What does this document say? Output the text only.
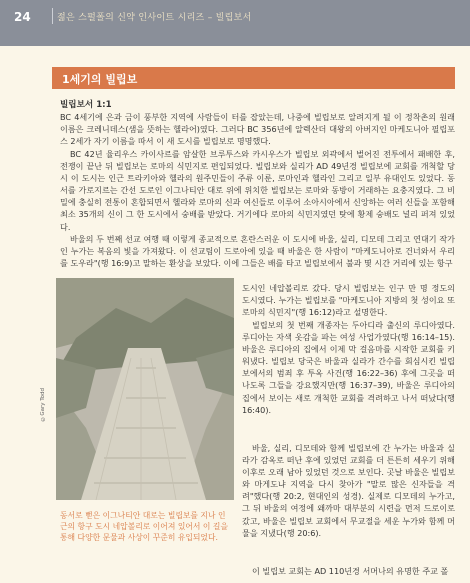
24	젊은 스펄폴의 신약 인사이트 시리즈 – 빌립보서
1세기의 빌립보
빌립보서 1:1
BC 4세기에 은과 금이 풍부한 지역에 사람들이 터를 잡았는데, 나중에 빌립보로 알려지게 될 이 정착촌의 원래 이름은 크레니데스(샘을 뜻하는 헬라어)였다. 그러다 BC 356년에 알렉산더 대왕의 아버지인 마케도니아 필립포스 2세가 자기 이름을 따서 이 새 도시를 빌립보로 명명했다.
BC 42년 율리우스 카이사르를 암살한 브루투스와 카시우스가 빌립보 외곽에서 벌어진 전투에서 패배한 후, 전쟁이 끝난 뒤 빌립보는 로마의 식민지로 편입되었다. 빌립보와 실리가 AD 49년경 빌립보에 교회를 개척할 당시 이 도시는 인근 트라키아와 헬라의 원주민들이 주류 이룬, 로마인과 헬라인 그리고 일부 유대인도 있었다. 동서를 가로지르는 간선 도로인 이그나티안 대로 위에 위치한 빌립보는 로마와 동방이 거래하는 요충지였다. 그 비밀에 충실히 전통이 혼합되면서 헬라와 로마의 신과 여신들로 이루어 소아시아에서 신앙하는 여러 신들을 포함해 최소 35개의 신이 그 한 도시에서 숭배를 받았다. 거기에다 로마의 식민지였던 탓에 황제 숭배도 널리 퍼져 있었다.
바울의 두 번째 선교 여행 때 이렇게 종교적으로 혼란스러운 이 도시에 바울, 실리, 디모데 그리고 연대기 작가인 누가는 복음의 빛을 가져왔다. 이 선교팀이 드로아에 있을 때 바울은 한 사람이 "마케도니아로 건너와서 우리를 도우라"(행 16:9)고 말하는 환상을 보았다. 이에 그들은 배를 타고 빌립보에서 불과 몇 시간 거리에 있는 항구
©Gary Todd
동서로 뻗은 이그나티안 대로는 빌립보를 지나 인근의 항구 도시 네압볼리로 이어져 있어서 이 길을 통해 다양한 문물과 사상이 꾸준히 유입되었다.
도시인 네압볼리로 갔다. 당시 빌립보는 인구 만 명 정도의 도시였다. 누가는 빌립보를 "마케도니아 지방의 첫 성이요 또 로마의 식민지"(행 16:12)라고 설명한다.
빌립보의 첫 번째 개종자는 두아디라 출신의 루디아였다. 루디아는 자색 옷감을 파는 여성 사업가였다(행 16:14–15). 바울은 루디아의 집에서 이제 막 걸음마를 시작한 교회를 키워냈다. 빌립보 당국은 바울과 실라가 간수를 회심시킨 빌립보에서의 범죄 후 투옥 사건(행 16:22–36) 후에 그곳을 떠나도록 그들을 강요했지만(행 16:37–39), 바울은 루디아의 집에서 보이는 새로 개척한 교회를 격려하고 나서 떠났다(행 16:40).
바울, 실리, 디모데와 함께 빌립보에 간 누가는 바울과 실라가 감옥로 떠난 후에 있었던 교회를 더 튼튼히 세우기 위해 이후로 오래 남아 있었던 것으로 보인다. 곳날 바울은 빌립보와 마게도냐 지역을 다시 찾아가 "말로 많은 신자들을 격려"했다(행 20:2, 현대인의 성경). 실제로 디모데의 누가고, 그 뒤 바울의 여정에 왜까마 대부분의 시련을 먼저 드로이로 갔고, 바울은 빌립보 교회에서 무교절을 세운 누가와 함께 머물을 지냈다(행 20:6).
이 빌립보 교회는 AD 110년경 서머나의 유명한 주교 폴
